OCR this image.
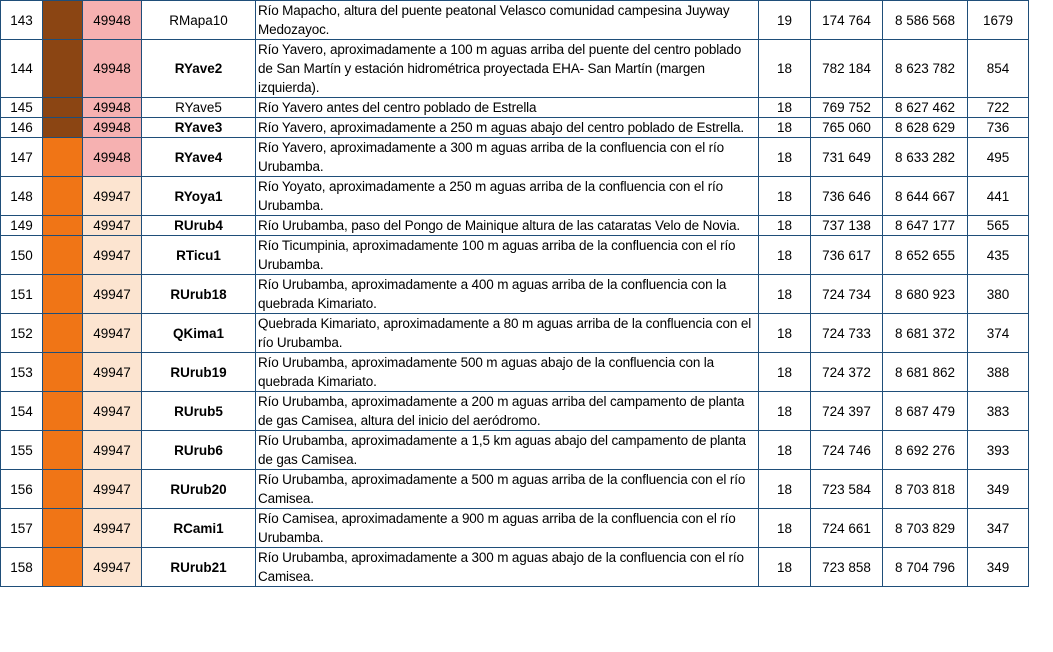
143		49948	RMapa10	Río Mapacho, altura del puente peatonal Velasco comunidad campesina Juyway Medozayoc.	19	174 764	8 586 568	1679
144		49948	RYave2	Río Yavero, aproximadamente a 100 m aguas arriba del puente del centro poblado de San Martín y estación hidrométrica proyectada EHA- San Martín (margen izquierda).	18	782 184	8 623 782	854
145		49948	RYave5	Río Yavero antes del centro poblado de Estrella	18	769 752	8 627 462	722
146		49948	RYave3	Río Yavero, aproximadamente a 250 m aguas abajo del centro poblado de Estrella.	18	765 060	8 628 629	736
147		49948	RYave4	Río Yavero, aproximadamente a 300 m aguas arriba de la confluencia con el río Urubamba.	18	731 649	8 633 282	495
148		49947	RYoya1	Río Yoyato, aproximadamente a 250 m aguas arriba de la confluencia con el río Urubamba.	18	736 646	8 644 667	441
149		49947	RUrub4	Río Urubamba, paso del Pongo de Mainique altura de las cataratas Velo de Novia.	18	737 138	8 647 177	565
150		49947	RTicu1	Río Ticumpinia, aproximadamente 100 m aguas arriba de la confluencia con el río Urubamba.	18	736 617	8 652 655	435
151		49947	RUrub18	Río Urubamba, aproximadamente a 400 m aguas arriba de la confluencia con la quebrada Kimariato.	18	724 734	8 680 923	380
152		49947	QKima1	Quebrada Kimariato, aproximadamente a 80 m aguas arriba de la confluencia con el río Urubamba.	18	724 733	8 681 372	374
153		49947	RUrub19	Río Urubamba, aproximadamente 500 m aguas abajo de la confluencia con la quebrada Kimariato.	18	724 372	8 681 862	388
154		49947	RUrub5	Río Urubamba, aproximadamente a 200 m aguas arriba del campamento de planta de gas Camisea, altura del inicio del aeródromo.	18	724 397	8 687 479	383
155		49947	RUrub6	Río Urubamba, aproximadamente a 1,5 km aguas abajo del campamento de planta de gas Camisea.	18	724 746	8 692 276	393
156		49947	RUrub20	Río Urubamba, aproximadamente a 500 m aguas arriba de la confluencia con el río Camisea.	18	723 584	8 703 818	349
157		49947	RCami1	Río Camisea, aproximadamente a 900 m aguas arriba de la confluencia con el río Urubamba.	18	724 661	8 703 829	347
158		49947	RUrub21	Río Urubamba, aproximadamente a 300 m aguas abajo de la confluencia con el río Camisea.	18	723 858	8 704 796	349
